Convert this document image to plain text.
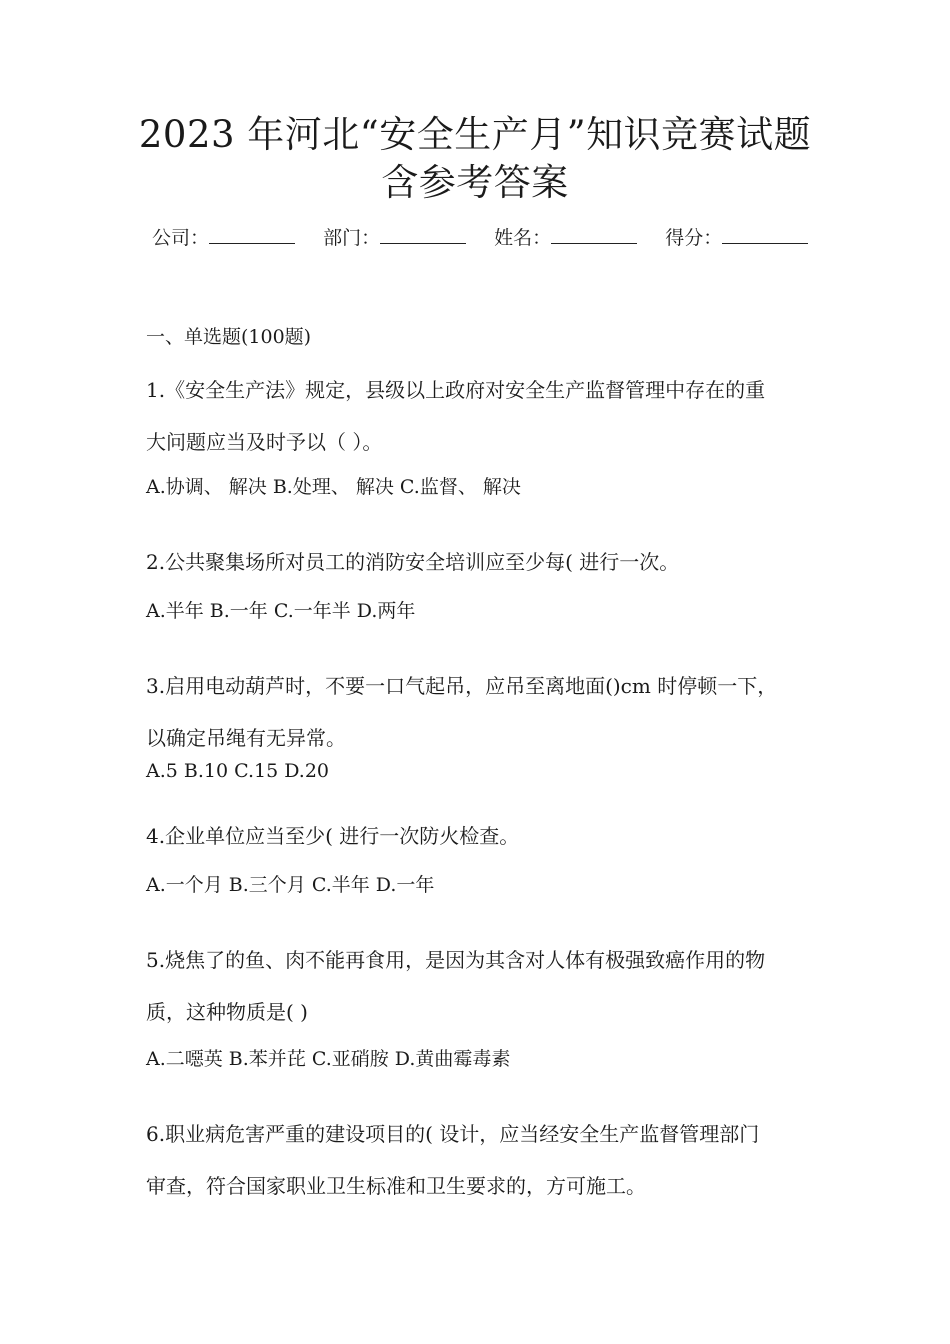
2023 年河北“安全生产月”知识竞赛试题
含参考答案
公司：	部门：	姓名：	得分：
一、单选题(100题)
1.《安全生产法》规定，县级以上政府对安全生产监督管理中存在的重
大问题应当及时予以（ ）。
A.协调、 解决 B.处理、 解决 C.监督、 解决
2.公共聚集场所对员工的消防安全培训应至少每( 进行一次。
A.半年 B.一年 C.一年半 D.两年
3.启用电动葫芦时，不要一口气起吊，应吊至离地面()cm 时停顿一下，
以确定吊绳有无异常。
A.5 B.10 C.15 D.20
4.企业单位应当至少( 进行一次防火检查。
A.一个月 B.三个月 C.半年 D.一年
5.烧焦了的鱼、肉不能再食用，是因为其含对人体有极强致癌作用的物
质，这种物质是( )
A.二噁英 B.苯并芘 C.亚硝胺 D.黄曲霉毒素
6.职业病危害严重的建设项目的( 设计，应当经安全生产监督管理部门
审查，符合国家职业卫生标准和卫生要求的，方可施工。
